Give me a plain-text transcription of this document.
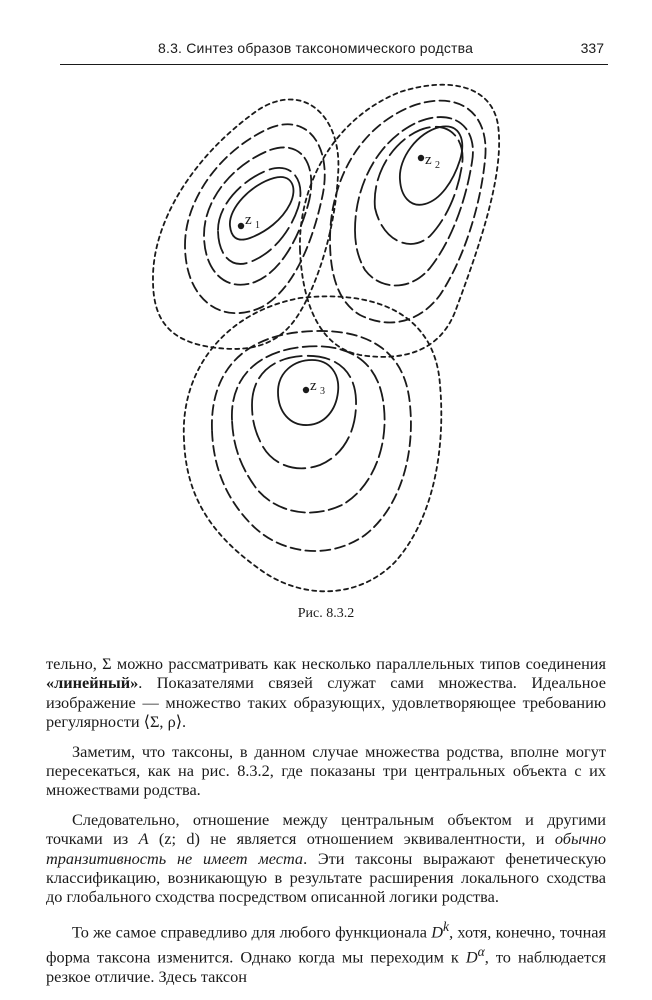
8.3. Синтез образов таксономического родства	337
z 1
z 2
z 3
Рис. 8.3.2

тельно, Σ можно рассматривать как несколько параллельных типов соединения «линейный». Показателями связей служат сами множества. Идеальное изображение — множество таких образующих, удовлетворяющее требованию регулярности ⟨Σ, ρ⟩.

Заметим, что таксоны, в данном случае множества родства, вполне могут пересекаться, как на рис. 8.3.2, где показаны три центральных объекта с их множествами родства.

Следовательно, отношение между центральным объектом и другими точками из A (z; d) не является отношением эквивалентности, и обычно транзитивность не имеет места. Эти таксоны выражают фенетическую классификацию, возникающую в результате расширения локального сходства до глобального сходства посредством описанной логики родства.

То же самое справедливо для любого функционала $D^k$, хотя, конечно, точная форма таксона изменится. Однако когда мы переходим к $D^\alpha$, то наблюдается резкое отличие. Здесь таксон
